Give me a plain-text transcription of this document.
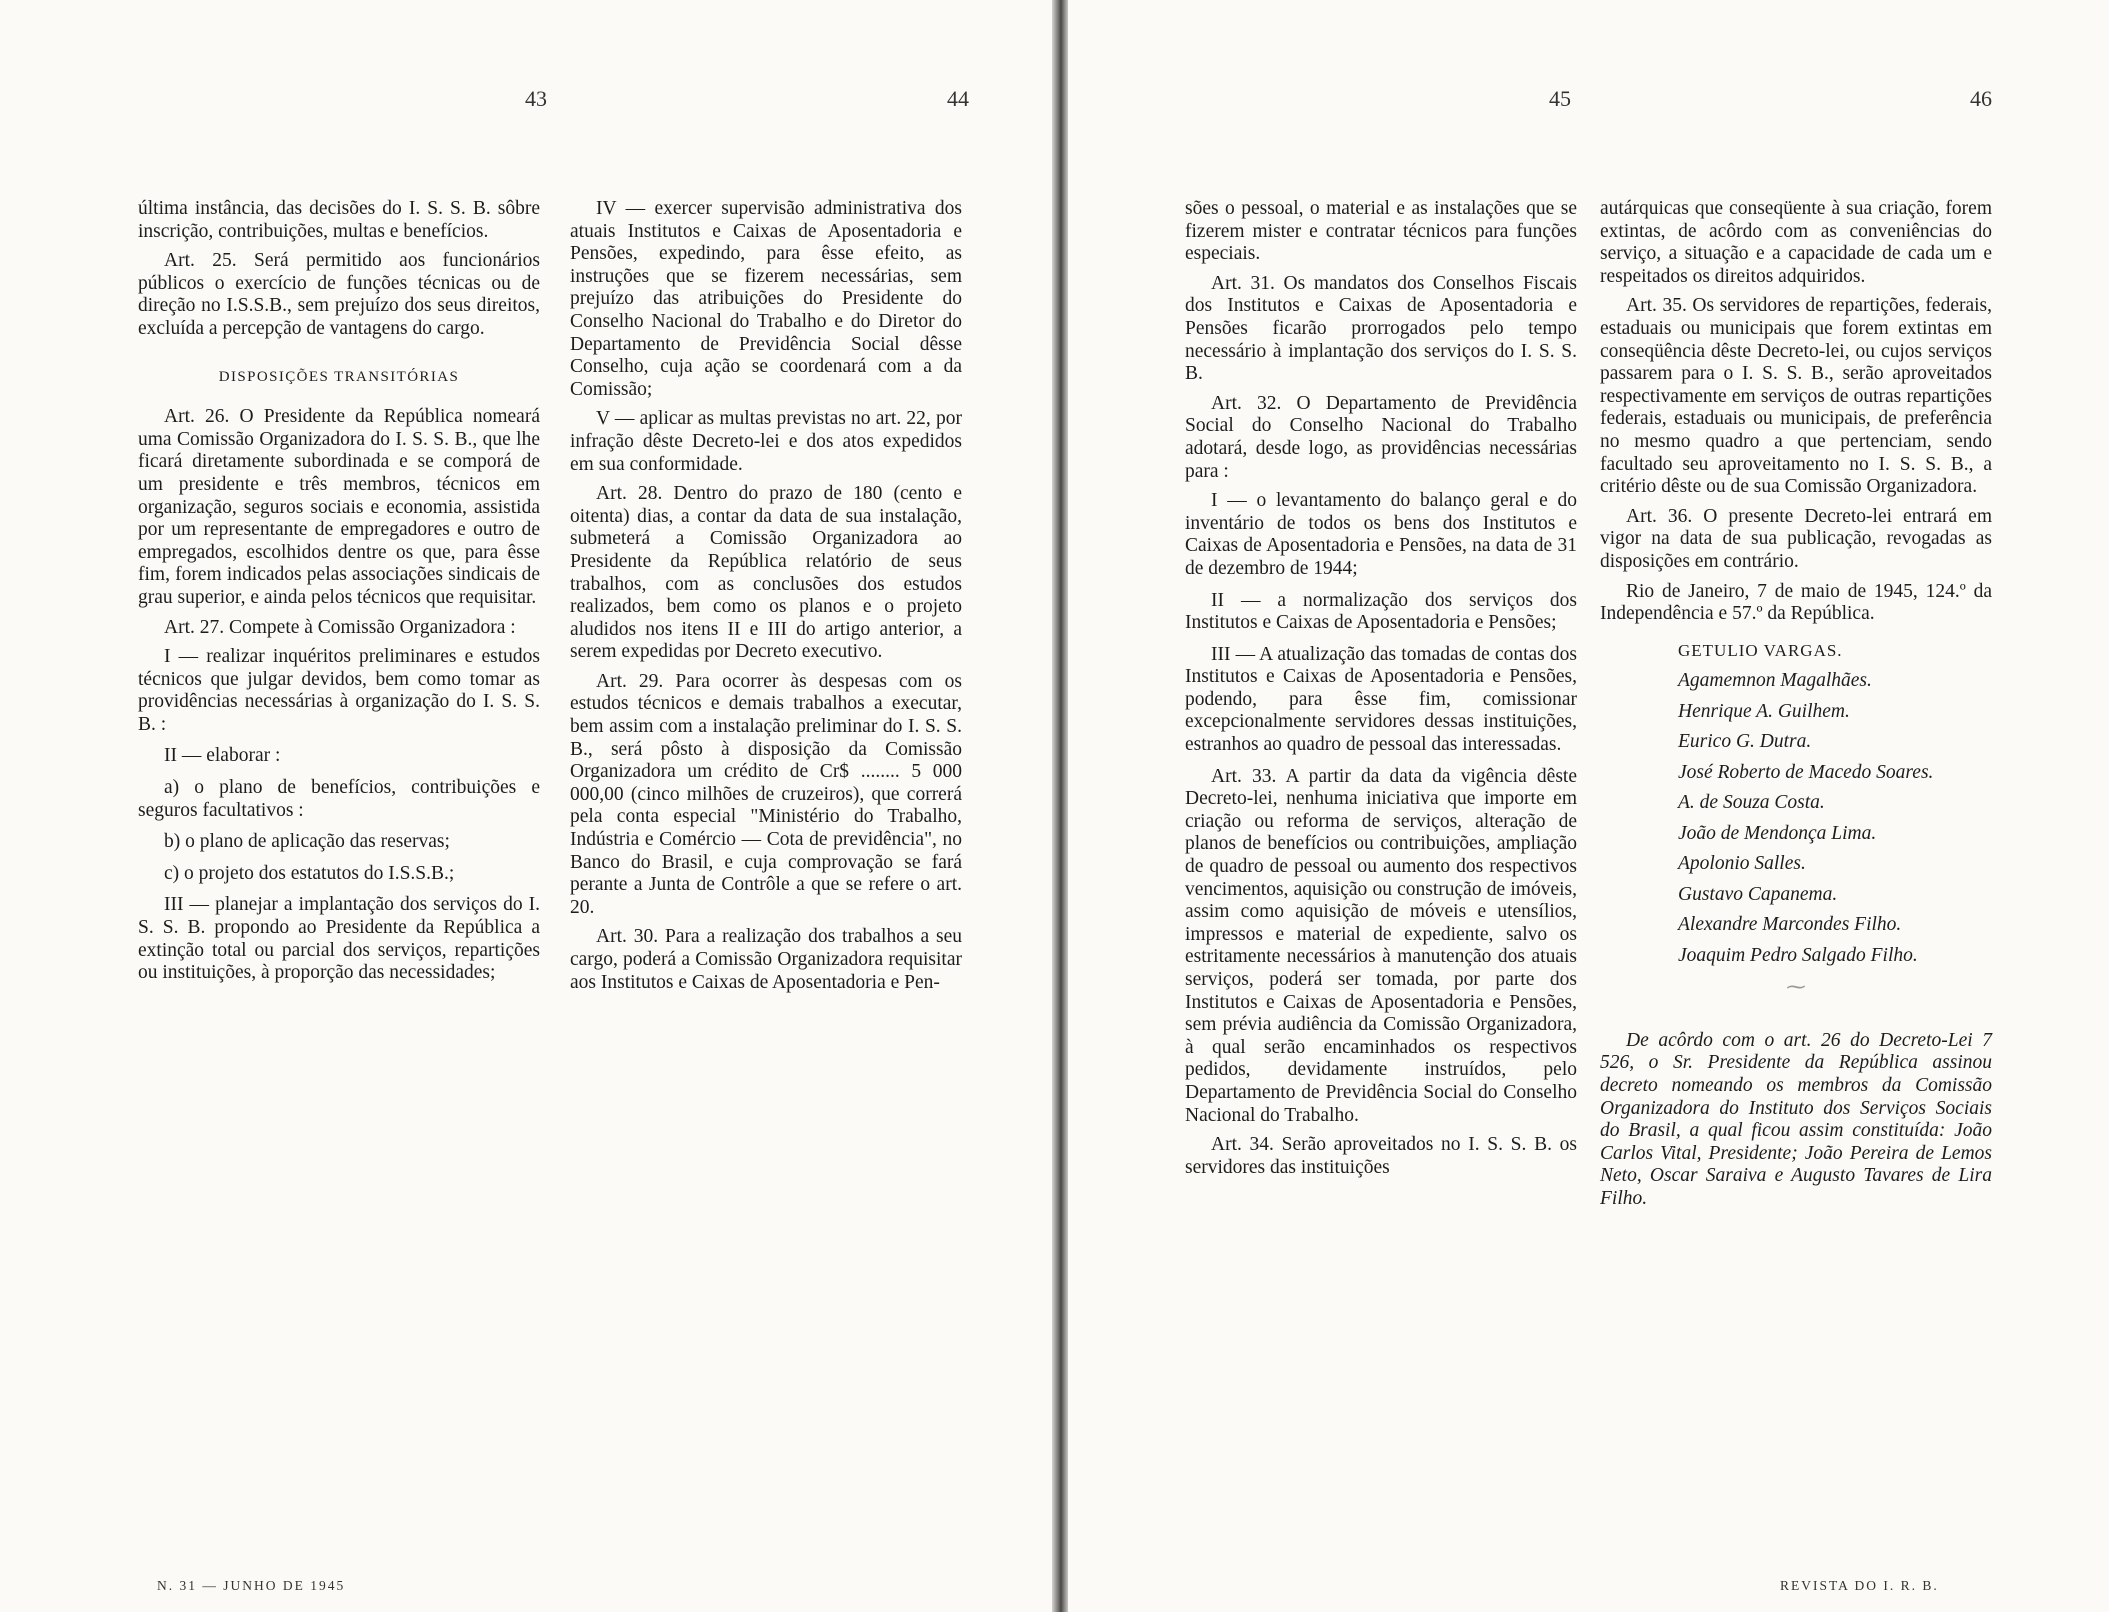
43	44	45	46

última instância, das decisões do I. S. S. B. sôbre inscrição, contribuições, multas e benefícios.

Art. 25. Será permitido aos funcionários públicos o exercício de funções técnicas ou de direção no I.S.S.B., sem prejuízo dos seus direitos, excluída a percepção de vantagens do cargo.

DISPOSIÇÕES TRANSITÓRIAS

Art. 26. O Presidente da República nomeará uma Comissão Organizadora do I. S. S. B., que lhe ficará diretamente subordinada e se comporá de um presidente e três membros, técnicos em organização, seguros sociais e economia, assistida por um representante de empregadores e outro de empregados, escolhidos dentre os que, para êsse fim, forem indicados pelas associações sindicais de grau superior, e ainda pelos técnicos que requisitar.

Art. 27. Compete à Comissão Organizadora :

I — realizar inquéritos preliminares e estudos técnicos que julgar devidos, bem como tomar as providências necessárias à organização do I. S. S. B. :

II — elaborar :

a) o plano de benefícios, contribuições e seguros facultativos :

b) o plano de aplicação das reservas;

c) o projeto dos estatutos do I.S.S.B.;

III — planejar a implantação dos serviços do I. S. S. B. propondo ao Presidente da República a extinção total ou parcial dos serviços, repartições ou instituições, à proporção das necessidades;

IV — exercer supervisão administrativa dos atuais Institutos e Caixas de Aposentadoria e Pensões, expedindo, para êsse efeito, as instruções que se fizerem necessárias, sem prejuízo das atribuições do Presidente do Conselho Nacional do Trabalho e do Diretor do Departamento de Previdência Social dêsse Conselho, cuja ação se coordenará com a da Comissão;

V — aplicar as multas previstas no art. 22, por infração dêste Decreto-lei e dos atos expedidos em sua conformidade.

Art. 28. Dentro do prazo de 180 (cento e oitenta) dias, a contar da data de sua instalação, submeterá a Comissão Organizadora ao Presidente da República relatório de seus trabalhos, com as conclusões dos estudos realizados, bem como os planos e o projeto aludidos nos itens II e III do artigo anterior, a serem expedidas por Decreto executivo.

Art. 29. Para ocorrer às despesas com os estudos técnicos e demais trabalhos a executar, bem assim com a instalação preliminar do I. S. S. B., será pôsto à disposição da Comissão Organizadora um crédito de Cr$ ........ 5 000 000,00 (cinco milhões de cruzeiros), que correrá pela conta especial "Ministério do Trabalho, Indústria e Comércio — Cota de previdência", no Banco do Brasil, e cuja comprovação se fará perante a Junta de Contrôle a que se refere o art. 20.

Art. 30. Para a realização dos trabalhos a seu cargo, poderá a Comissão Organizadora requisitar aos Institutos e Caixas de Aposentadoria e Pen-

sões o pessoal, o material e as instalações que se fizerem mister e contratar técnicos para funções especiais.

Art. 31. Os mandatos dos Conselhos Fiscais dos Institutos e Caixas de Aposentadoria e Pensões ficarão prorrogados pelo tempo necessário à implantação dos serviços do I. S. S. B.

Art. 32. O Departamento de Previdência Social do Conselho Nacional do Trabalho adotará, desde logo, as providências necessárias para :

I — o levantamento do balanço geral e do inventário de todos os bens dos Institutos e Caixas de Aposentadoria e Pensões, na data de 31 de dezembro de 1944;

II — a normalização dos serviços dos Institutos e Caixas de Aposentadoria e Pensões;

III — A atualização das tomadas de contas dos Institutos e Caixas de Aposentadoria e Pensões, podendo, para êsse fim, comissionar excepcionalmente servidores dessas instituições, estranhos ao quadro de pessoal das interessadas.

Art. 33. A partir da data da vigência dêste Decreto-lei, nenhuma iniciativa que importe em criação ou reforma de serviços, alteração de planos de benefícios ou contribuições, ampliação de quadro de pessoal ou aumento dos respectivos vencimentos, aquisição ou construção de imóveis, assim como aquisição de móveis e utensílios, impressos e material de expediente, salvo os estritamente necessários à manutenção dos atuais serviços, poderá ser tomada, por parte dos Institutos e Caixas de Aposentadoria e Pensões, sem prévia audiência da Comissão Organizadora, à qual serão encaminhados os respectivos pedidos, devidamente instruídos, pelo Departamento de Previdência Social do Conselho Nacional do Trabalho.

Art. 34. Serão aproveitados no I. S. S. B. os servidores das instituições

autárquicas que conseqüente à sua criação, forem extintas, de acôrdo com as conveniências do serviço, a situação e a capacidade de cada um e respeitados os direitos adquiridos.

Art. 35. Os servidores de repartições, federais, estaduais ou municipais que forem extintas em conseqüência dêste Decreto-lei, ou cujos serviços passarem para o I. S. S. B., serão aproveitados respectivamente em serviços de outras repartições federais, estaduais ou municipais, de preferência no mesmo quadro a que pertenciam, sendo facultado seu aproveitamento no I. S. S. B., a critério dêste ou de sua Comissão Organizadora.

Art. 36. O presente Decreto-lei entrará em vigor na data de sua publicação, revogadas as disposições em contrário.

Rio de Janeiro, 7 de maio de 1945, 124.º da Independência e 57.º da República.

GETULIO VARGAS.
Agamemnon Magalhães.
Henrique A. Guilhem.
Eurico G. Dutra.
José Roberto de Macedo Soares.
A. de Souza Costa.
João de Mendonça Lima.
Apolonio Salles.
Gustavo Capanema.
Alexandre Marcondes Filho.
Joaquim Pedro Salgado Filho.
⁓

De acôrdo com o art. 26 do Decreto-Lei 7 526, o Sr. Presidente da República assinou decreto nomeando os membros da Comissão Organizadora do Instituto dos Serviços Sociais do Brasil, a qual ficou assim constituída: João Carlos Vital, Presidente; João Pereira de Lemos Neto, Oscar Saraiva e Augusto Tavares de Lira Filho.

N. 31 — JUNHO DE 1945	REVISTA DO I. R. B.
